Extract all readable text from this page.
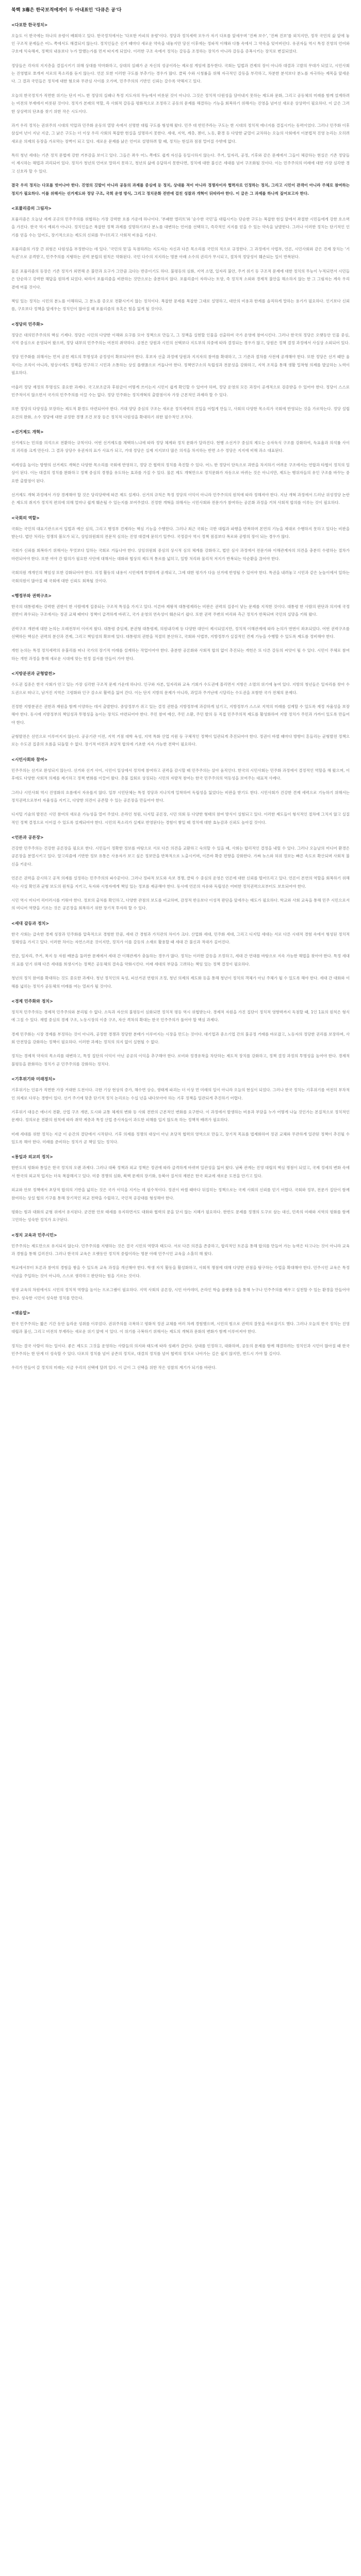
북핵 3毒은 한국보적에게이 두 아내표인 '다큐은 공'다
<다포한 한국정치>

오늘도 이 한국에는 하나의 유령이 배회하고 있다. 한국정치에서는 '다포한 카피의 유령'이다. 정당과 정치세력 모두가 자기 다포를 앞세우며 '진짜 보수', '진짜 진보'를 외치지만, 정작 국민의 삶 앞에 놓인 구조적 문제들은 어느 쪽에서도 해결되지 않는다. 정치인들은 선거 때마다 새로운 약속을 내놓지만 당선 이후에는 정파적 이해와 다툼 속에서 그 약속을 잊어버린다. 유권자들 역시 특정 진영의 언어와 구호에 익숙해져, 정책의 내용보다 누가 말했는가를 먼저 따지게 되었다. 이러한 구조 속에서 정치는 갈등을 조정하는 장치가 아니라 갈등을 증폭시키는 장치로 변질되었다.

정당들은 각자의 지지층을 결집시키기 위해 상대를 악마화하고, 상대의 실패가 곧 자신의 성공이라는 제로섬 게임에 몰두한다. 국회는 입법과 견제의 장이 아니라 대결과 고발의 무대가 되었고, 시민사회는 진영별로 쪼개져 서로의 목소리를 듣지 않는다. 언론 또한 이러한 구도를 부추기는 경우가 많다. 클릭 수와 시청률을 위해 자극적인 갈등을 부각하고, 차분한 분석보다 분노를 자극하는 제목을 앞세운다. 그 결과 국민들은 정치에 대한 혐오와 무관심 사이를 오가며, 민주주의의 기반인 신뢰는 갈수록 약해지고 있다.

오늘의 한국정치가 직면한 위기는 단지 어느 한 정당의 실패나 특정 지도자의 무능에서 비롯된 것이 아니다. 그것은 정치적 다원성을 담아내지 못하는 제도와 문화, 그리고 공동체의 미래를 함께 설계하려는 비전의 부재에서 비롯된 것이다. 정치가 본래의 역할, 즉 사회적 갈등을 평화적으로 조정하고 공동의 문제를 해결하는 기능을 회복하기 위해서는 진영을 넘어선 새로운 상상력이 필요하다. 이 글은 그러한 상상력의 단초를 찾기 위한 작은 시도이다.

과거 우리 정치는 권위주의 시대의 억압과 민주화 운동의 열망 속에서 선명한 대립 구도를 형성해 왔다. 민주 대 반민주라는 구도는 한 시대의 정치적 에너지를 결집시키는 동력이었다. 그러나 민주화 이후 삼십여 년이 지난 지금, 그 낡은 구도는 더 이상 우리 사회의 복잡한 현실을 설명하지 못한다. 세대, 지역, 계층, 젠더, 노동, 환경 등 다양한 균열이 교차하는 오늘의 사회에서 이분법적 진영 논리는 오히려 새로운 의제의 등장을 가로막는 장벽이 되고 있다. 새로운 문제를 낡은 언어로 설명하려 할 때, 정치는 현실과 점점 멀어질 수밖에 없다.

특히 청년 세대는 기존 정치 문법에 강한 거부감을 보이고 있다. 그들은 좌우 어느 쪽에도 쉽게 자신을 동일시하지 않는다. 주거, 일자리, 공정, 기후와 같은 문제에서 그들이 체감하는 현실은 기존 정당들이 제시하는 해법과 괴리되어 있다. 정치가 청년의 언어로 말하지 못하고, 청년의 삶에 응답하지 못한다면, 정치에 대한 불신은 세대를 넘어 구조화될 것이다. 이는 민주주의의 미래에 대한 가장 심각한 경고 신호라 할 수 있다.

결국 우리 정치는 다포를 벗어나야 한다. 진영의 깃발이 아니라 공동의 과제를 중심에 둔 정치, 상대를 적이 아니라 경쟁자이자 협력자로 인정하는 정치, 그리고 시민이 관객이 아니라 주체로 참여하는 정치가 필요하다. 이를 위해서는 선거제도와 정당 구조, 국회 운영 방식, 그리고 정치문화 전반에 걸친 성찰과 개혁이 뒤따라야 한다. 이 글은 그 과제를 하나씩 짚어보고자 한다.

<포퓰리즘의 그림자>

포퓰리즘은 오늘날 세계 곳곳의 민주주의를 위협하는 가장 강력한 흐름 가운데 하나이다. '부패한 엘리트'와 '순수한 국민'을 대립시키는 단순한 구도는 복잡한 현실 앞에서 좌절한 시민들에게 강한 호소력을 가진다. 한국 역시 예외가 아니다. 정치인들은 복잡한 정책 과제를 설명하기보다 분노를 대변하는 언어를 선택하고, 즉각적인 지지를 얻을 수 있는 약속을 남발한다. 그러나 이러한 정치는 단기적인 인기를 얻을 수는 있어도, 장기적으로는 제도의 신뢰를 무너뜨리고 사회적 비용을 키운다.

포퓰리즘의 가장 큰 위험은 다원성을 부정한다는 데 있다. '국민의 뜻'을 독점하려는 지도자는 자신과 다른 목소리를 국민의 적으로 규정한다. 그 과정에서 사법부, 언론, 시민사회와 같은 견제 장치는 '기득권'으로 공격받고, 민주주의를 지탱하는 권력 분립의 원칙은 약화된다. 국민 다수의 지지라는 명분 아래 소수의 권리가 무시되고, 절차적 정당성이 훼손되는 일이 반복된다.

물론 포퓰리즘의 등장은 기존 정치가 외면해 온 불만과 요구가 그만큼 크다는 반증이기도 하다. 불평등의 심화, 지역 소멸, 일자리 불안, 주거 위기 등 구조적 문제에 대한 정치의 무능이 누적되면서 시민들은 단순하고 강력한 해답을 원하게 되었다. 따라서 포퓰리즘을 비판하는 것만으로는 충분하지 않다. 포퓰리즘이 자라나는 토양, 즉 정치적 소외와 경제적 불안을 해소하지 않는 한 그 그림자는 계속 우리 곁에 머물 것이다.

책임 있는 정치는 시민의 분노를 이해하되, 그 분노를 증오로 전환시키지 않는 정치이다. 복잡한 문제를 복잡한 그대로 설명하고, 대안의 비용과 한계를 솔직하게 말하는 용기가 필요하다. 인기보다 신뢰를, 구호보다 정책을 앞세우는 정치인이 많아질 때 포퓰리즘의 유혹은 힘을 잃게 될 것이다.

<정당의 민주화>

정당은 대의민주주의의 핵심 기제다. 정당은 시민의 다양한 이해와 요구를 모아 정책으로 만들고, 그 정책을 실현할 인물을 선출하여 국가 운영에 참여시킨다. 그러나 한국의 정당은 오랫동안 인물 중심, 지역 중심으로 운영되어 왔으며, 정당 내부의 민주주의는 여전히 취약하다. 공천은 당원과 시민의 선택보다 지도부의 의중에 따라 결정되는 경우가 많고, 당원은 정책 결정 과정에서 사실상 소외되어 있다.

정당 민주화를 위해서는 먼저 공천 제도의 투명성과 공정성이 확보되어야 한다. 후보자 선출 과정에 당원과 지지자의 참여를 확대하고, 그 기준과 절차를 사전에 공개해야 한다. 또한 정당은 선거 때만 움직이는 조직이 아니라, 평상시에도 정책을 연구하고 시민과 소통하는 상설 플랫폼으로 거듭나야 한다. 정책연구소의 독립성과 전문성을 강화하고, 지역 조직을 통해 생활 밀착형 의제를 발굴하는 노력이 필요하다.

아울러 정당 재정의 투명성도 중요한 과제다. 국고보조금과 후원금이 어떻게 쓰이는지 시민이 쉽게 확인할 수 있어야 하며, 정당 운영의 모든 과정이 공개적으로 검증받을 수 있어야 한다. 정당이 스스로 민주적이지 않으면서 국가의 민주주의를 이끌 수는 없다. 정당 민주화는 정치개혁의 출발점이자 가장 근본적인 과제라 할 수 있다.

또한 정당의 다양성을 보장하는 제도적 환경도 마련되어야 한다. 거대 양당 중심의 구조는 새로운 정치세력의 진입을 어렵게 만들고, 사회의 다양한 목소리가 국회에 반영되는 것을 가로막는다. 정당 설립 요건의 완화, 소수 정당에 대한 공정한 경쟁 조건 보장 등은 정치적 다원성을 확대하기 위한 필수적인 조치다.

<선거제도 개혁>

선거제도는 민의를 의석으로 전환하는 규칙이다. 어떤 선거제도를 채택하느냐에 따라 정당 체계와 정치 문화가 달라진다. 현행 소선거구 중심의 제도는 승자독식 구조를 강화하여, 득표율과 의석률 사이의 괴리를 크게 만든다. 그 결과 상당수 유권자의 표가 사표가 되고, 거대 정당은 실제 지지보다 많은 의석을 차지하는 반면 소수 정당은 지지에 비해 과소 대표된다.

비례성을 높이는 방향의 선거제도 개혁은 다양한 목소리를 국회에 반영하고, 정당 간 협력의 정치를 촉진할 수 있다. 어느 한 정당이 단독으로 과반을 차지하기 어려운 구조에서는 연합과 타협이 정치의 일상이 된다. 이는 대결의 정치를 완화하고 정책 중심의 경쟁을 유도하는 효과를 가질 수 있다. 물론 제도 개혁만으로 정치문화가 자동으로 바뀌는 것은 아니지만, 제도는 행위자들의 유인 구조를 바꾸는 중요한 출발점이 된다.

선거제도 개혁 과정에서 가장 경계해야 할 것은 당리당략에 따른 제도 설계다. 선거의 규칙은 특정 정당의 이익이 아니라 민주주의의 원칙에 따라 정해져야 한다. 지난 개혁 과정에서 드러난 위성정당 논란은 제도의 취지가 정치적 편의에 의해 얼마나 쉽게 훼손될 수 있는지를 보여주었다. 진정한 개혁을 위해서는 시민사회와 전문가가 참여하는 공론화 과정을 거쳐 사회적 합의를 이루는 것이 필요하다.

<국회의 역할>

국회는 국민의 대표기관으로서 입법과 예산 심의, 그리고 행정부 견제라는 핵심 기능을 수행한다. 그러나 최근 국회는 극한 대립과 파행을 반복하며 본연의 기능을 제대로 수행하지 못하고 있다는 비판을 받는다. 법안 처리는 정쟁의 볼모가 되고, 상임위원회의 전문적 심의는 진영 대결에 묻히기 일쑤다. 국정감사 역시 정책 점검보다 폭로와 공방의 장이 되는 경우가 많다.

국회가 신뢰를 회복하기 위해서는 무엇보다 일하는 국회로 거듭나야 한다. 상임위원회 중심의 상시적 심의 체계를 강화하고, 법안 심사 과정에서 전문가와 이해관계자의 의견을 충분히 수렴하는 절차가 마련되어야 한다. 또한 여야 간 합의가 필요한 사안에 대해서는 대화와 협상의 제도적 통로를 넓히고, 일방 처리와 물리적 저지가 반복되는 악순환을 끊어야 한다.

국회의원 개개인의 책임성 또한 강화되어야 한다. 의정 활동의 내용이 시민에게 투명하게 공개되고, 그에 대한 평가가 다음 선거에 반영될 수 있어야 한다. 특권을 내려놓고 시민과 같은 눈높이에서 일하는 국회의원이 많아질 때 국회에 대한 신뢰도 회복될 것이다.

<행정부와 권력구조>

한국의 대통령제는 강력한 권한이 한 사람에게 집중되는 구조적 특징을 가지고 있다. 이른바 제왕적 대통령제라는 비판은 권력의 집중이 낳는 문제를 지적한 것이다. 대통령 한 사람의 판단과 의지에 국정 전반이 좌우되는 구조에서는 정권 교체 때마다 정책이 급격하게 바뀌고, 국가 운영의 연속성이 훼손되기 쉽다. 또한 권력 주변의 비리와 측근 정치가 반복되며 국민의 실망을 키워 왔다.

권력구조 개편에 대한 논의는 오래전부터 이어져 왔다. 대통령 중임제, 분권형 대통령제, 의원내각제 등 다양한 대안이 제시되었지만, 정치적 이해관계에 따라 논의가 번번이 좌초되었다. 어떤 권력구조를 선택하든 핵심은 권력의 분산과 견제, 그리고 책임성의 확보에 있다. 대통령의 권한을 적절히 분산하고, 국회와 사법부, 지방정부가 실질적인 견제 기능을 수행할 수 있도록 제도를 정비해야 한다.

개헌 논의는 특정 정치세력의 유불리를 떠나 국가의 장기적 미래를 설계하는 작업이어야 한다. 충분한 공론화와 사회적 합의 없이 추진되는 개헌은 또 다른 갈등의 씨앗이 될 수 있다. 시민이 주체로 참여하는 개헌 과정을 통해 새로운 시대에 맞는 헌정 질서를 만들어 가야 한다.

<지방분권과 균형발전>

수도권 집중은 한국 사회가 안고 있는 가장 심각한 구조적 문제 가운데 하나다. 인구와 자본, 일자리와 교육 기회가 수도권에 몰리면서 지방은 소멸의 위기에 놓여 있다. 지방의 청년들은 일자리를 찾아 수도권으로 떠나고, 남겨진 지역은 고령화와 인구 감소로 활력을 잃어 간다. 이는 단지 지방의 문제가 아니라, 과밀과 주거난에 시달리는 수도권을 포함한 국가 전체의 문제다.

진정한 지방분권은 권한과 재원을 함께 이양하는 데서 출발한다. 중앙정부가 쥐고 있는 결정 권한을 지방정부에 과감하게 넘기고, 지방정부가 스스로 지역의 미래를 설계할 수 있도록 재정 자율성을 보장해야 한다. 동시에 지방정부의 책임성과 투명성을 높이는 장치도 마련되어야 한다. 주민 참여 예산, 주민 소환, 주민 발의 등 직접 민주주의적 제도를 활성화하여 지방 정치가 주민과 가까이 있도록 만들어야 한다.

균형발전은 선언으로 이루어지지 않는다. 공공기관 이전, 지역 거점 대학 육성, 지역 특화 산업 지원 등 구체적인 정책이 일관되게 추진되어야 한다. 정권이 바뀔 때마다 방향이 흔들리는 균형발전 정책으로는 수도권 집중의 흐름을 되돌릴 수 없다. 장기적 비전과 초당적 합의에 기초한 지속 가능한 전략이 필요하다.

<시민사회와 참여>

민주주의는 선거로 완성되지 않는다. 선거와 선거 사이, 시민이 일상에서 정치에 참여하고 권력을 감시할 때 민주주의는 살아 움직인다. 한국의 시민사회는 민주화 과정에서 결정적인 역할을 해 왔으며, 이후에도 다양한 사회적 의제를 제기하고 정책 변화를 이끌어 왔다. 촛불 집회로 상징되는 시민의 자발적 참여는 한국 민주주의의 역동성을 보여주는 대표적 사례다.

그러나 시민사회 역시 진영화의 흐름에서 자유롭지 않다. 일부 시민단체는 특정 정당과 지나치게 밀착하여 독립성을 잃었다는 비판을 받기도 한다. 시민사회가 건강한 견제 세력으로 기능하기 위해서는 정치권력으로부터 자율성을 지키고, 다양한 의견이 공존할 수 있는 공론장을 만들어야 한다.

디지털 기술의 발전은 시민 참여의 새로운 가능성을 열어 주었다. 온라인 청원, 디지털 공론장, 시민 의회 등 다양한 형태의 참여 방식이 실험되고 있다. 이러한 제도들이 형식적인 절차에 그치지 않고 실질적인 정책 결정으로 이어질 수 있도록 설계되어야 한다. 시민의 목소리가 실제로 반영된다는 경험이 쌓일 때 정치에 대한 효능감과 신뢰도 높아질 것이다.

<언론과 공론장>

건강한 민주주의는 건강한 공론장을 필요로 한다. 시민들이 정확한 정보를 바탕으로 서로 다른 의견을 교환하고 숙의할 수 있을 때, 사회는 합리적인 결정을 내릴 수 있다. 그러나 오늘날의 미디어 환경은 공론장을 분열시키고 있다. 알고리즘에 기반한 정보 유통은 사용자가 보고 싶은 정보만을 반복적으로 노출시키며, 이른바 확증 편향을 강화한다. 가짜 뉴스와 허위 정보는 빠른 속도로 확산되며 사회적 불신을 키운다.

언론은 권력을 감시하고 공적 의제를 설정하는 민주주의의 파수꾼이다. 그러나 정파적 보도와 속보 경쟁, 클릭 수 중심의 운영은 언론에 대한 신뢰를 떨어뜨리고 있다. 언론이 본연의 역할을 회복하기 위해서는 사실 확인과 균형 보도의 원칙을 지키고, 독자와 시청자에게 책임 있는 정보를 제공해야 한다. 동시에 언론의 자유와 독립성은 어떠한 정치권력으로부터도 보호되어야 한다.

시민 역시 미디어 리터러시를 키워야 한다. 정보의 출처를 확인하고, 다양한 관점의 보도를 비교하며, 감정적 반응보다 이성적 판단을 앞세우는 태도가 필요하다. 학교와 사회 교육을 통해 민주 시민으로서의 미디어 역량을 기르는 것은 공론장을 회복하기 위한 장기적 투자라 할 수 있다.

<세대 갈등과 정치>

한국 사회는 급속한 경제 성장과 민주화를 압축적으로 경험한 만큼, 세대 간 경험과 가치관의 차이가 크다. 산업화 세대, 민주화 세대, 그리고 디지털 세대는 서로 다른 시대적 경험 속에서 형성된 정치적 정체성을 가지고 있다. 이러한 차이는 자연스러운 것이지만, 정치가 이를 갈등의 소재로 활용할 때 세대 간 불신과 적대가 깊어진다.

연금, 일자리, 주거, 복지 등 자원 배분을 둘러싼 문제에서 세대 간 이해관계가 충돌하는 경우가 많다. 정치는 이러한 갈등을 조정하고, 세대 간 연대를 바탕으로 지속 가능한 해법을 찾아야 한다. 특정 세대의 표를 얻기 위해 다른 세대를 희생시키는 정책은 공동체의 결속을 약화시킨다. 미래 세대의 부담을 고려하는 책임 있는 정책 결정이 필요하다.

청년의 정치 참여를 확대하는 것도 중요한 과제다. 청년 정치인의 육성, 피선거권 연령의 조정, 청년 의제의 제도화 등을 통해 청년이 정치의 객체가 아닌 주체가 될 수 있도록 해야 한다. 세대 간 대화와 이해를 넓히는 정치가 공동체의 미래를 여는 열쇠가 될 것이다.

<경제 민주화와 정치>

정치적 민주주의는 경제적 민주주의와 분리될 수 없다. 소득과 자산의 불평등이 심화되면 정치적 평등 역시 위협받는다. 경제적 자원을 가진 집단이 정치적 영향력까지 독점할 때, 1인 1표의 원칙은 형식에 그칠 수 있다. 재벌 중심의 경제 구조, 노동시장의 이중 구조, 자산 격차의 확대는 한국 민주주의가 풀어야 할 핵심 과제다.

경제 민주화는 시장 경제를 부정하는 것이 아니라, 공정한 경쟁과 정당한 분배가 이루어지는 시장을 만드는 것이다. 대기업과 중소기업 간의 불공정 거래를 바로잡고, 노동자의 정당한 권리를 보장하며, 사회 안전망을 강화하는 정책이 필요하다. 이러한 과제는 정치의 의지 없이 실현될 수 없다.

정치는 경제적 약자의 목소리를 대변하고, 특정 집단의 이익이 아닌 공공의 이익을 추구해야 한다. 로비와 정경유착을 차단하는 제도적 장치를 강화하고, 정책 결정 과정의 투명성을 높여야 한다. 경제적 불평등을 완화하는 정치가 곧 민주주의를 강화하는 정치다.

<기후위기와 미래정치>

기후위기는 인류가 직면한 가장 거대한 도전이다. 극한 기상 현상의 증가, 해수면 상승, 생태계 파괴는 더 이상 먼 미래의 일이 아니라 오늘의 현실이 되었다. 그러나 한국 정치는 기후위기를 여전히 부차적인 의제로 다루는 경향이 있다. 선거 주기에 맞춘 단기적 정치 논리로는 수십 년을 내다보아야 하는 기후 정책을 일관되게 추진하기 어렵다.

기후위기 대응은 에너지 전환, 산업 구조 개편, 도시와 교통 체계의 변화 등 사회 전반의 근본적인 변화를 요구한다. 이 과정에서 발생하는 비용과 부담을 누가 어떻게 나눌 것인가는 본질적으로 정치적인 문제다. 정의로운 전환의 원칙에 따라 취약 계층과 특정 산업 종사자들이 과도한 피해를 입지 않도록 하는 정책적 배려가 필요하다.

미래 세대를 위한 정치는 지금 이 순간의 결단에서 시작된다. 기후 의제를 정쟁의 대상이 아닌 초당적 협력의 영역으로 만들고, 장기적 목표를 법제화하여 정권 교체와 무관하게 일관된 정책이 추진될 수 있도록 해야 한다. 미래를 준비하는 정치가 곧 책임 있는 정치다.

<통일과 외교의 정치>

한반도의 평화와 통일은 한국 정치의 오랜 과제다. 그러나 대북 정책과 외교 정책은 정권에 따라 급격하게 바뀌며 일관성을 잃어 왔다. 남북 관계는 진영 대립의 핵심 쟁점이 되었고, 국제 정세의 변화 속에서 한국의 외교적 입지는 더욱 복잡해지고 있다. 미중 경쟁의 심화, 북핵 문제의 장기화, 동북아 질서의 재편은 한국 외교에 새로운 도전을 안기고 있다.

외교와 안보 정책에서 초당적 합의의 기반을 넓히는 것은 국가 이익을 지키는 데 필수적이다. 정권이 바뀔 때마다 뒤집히는 정책으로는 국제 사회의 신뢰를 얻기 어렵다. 국회와 정부, 전문가 집단이 함께 참여하는 상설 협의 기구를 통해 장기적인 외교 전략을 수립하고, 국민적 공감대를 형성해야 한다.

평화는 힘과 대화의 균형 위에서 유지된다. 굳건한 안보 태세를 유지하면서도 대화와 협력의 문을 닫지 않는 지혜가 필요하다. 한반도 문제를 정쟁의 도구로 삼는 대신, 민족의 미래와 지역의 평화를 함께 고민하는 성숙한 정치가 요구된다.

<정치 교육과 민주시민>

민주주의는 제도만으로 유지되지 않는다. 민주주의를 지탱하는 것은 결국 시민의 역량과 태도다. 서로 다른 의견을 존중하고, 합리적인 토론을 통해 합의를 만들어 가는 능력은 타고나는 것이 아니라 교육과 경험을 통해 길러진다. 그러나 한국의 교육은 오랫동안 정치적 중립이라는 명분 아래 민주시민 교육을 소홀히 해 왔다.

학교에서부터 토론과 참여의 경험을 쌓을 수 있도록 교육 과정을 개선해야 한다. 학생 자치 활동을 활성화하고, 사회적 쟁점에 대해 다양한 관점을 탐구하는 수업을 확대해야 한다. 민주시민 교육은 특정 이념을 주입하는 것이 아니라, 스스로 생각하고 판단하는 힘을 기르는 것이다.

평생 교육의 차원에서도 시민의 정치적 역량을 높이는 프로그램이 필요하다. 지역 사회의 공론장, 시민 아카데미, 온라인 학습 플랫폼 등을 통해 누구나 민주주의를 배우고 실천할 수 있는 환경을 만들어야 한다. 성숙한 시민이 성숙한 정치를 만든다.

<맺음말>

한국 민주주의는 짧은 기간 동안 놀라운 성취를 이루었다. 권위주의를 극복하고 평화적 정권 교체를 여러 차례 경험했으며, 시민의 힘으로 권력의 잘못을 바로잡기도 했다. 그러나 오늘의 한국 정치는 진영 대립과 불신, 그리고 비전의 부재라는 새로운 위기 앞에 서 있다. 이 위기를 극복하기 위해서는 제도의 개혁과 문화의 변화가 함께 이루어져야 한다.

정치는 결국 사람이 하는 일이다. 좋은 제도도 그것을 운영하는 사람들의 의지와 태도에 따라 성패가 갈린다. 상대를 인정하고, 대화하며, 공동의 문제를 함께 해결하려는 정치인과 시민이 많아질 때 한국 민주주의는 한 단계 더 성숙할 수 있다. 다포의 정치를 넘어 공존의 정치로, 대결의 정치를 넘어 협력의 정치로 나아가는 길은 쉽지 않지만, 반드시 가야 할 길이다.

우리가 만들어 갈 정치의 미래는 지금 우리의 선택에 달려 있다. 이 글이 그 선택을 위한 작은 성찰의 계기가 되기를 바란다.
